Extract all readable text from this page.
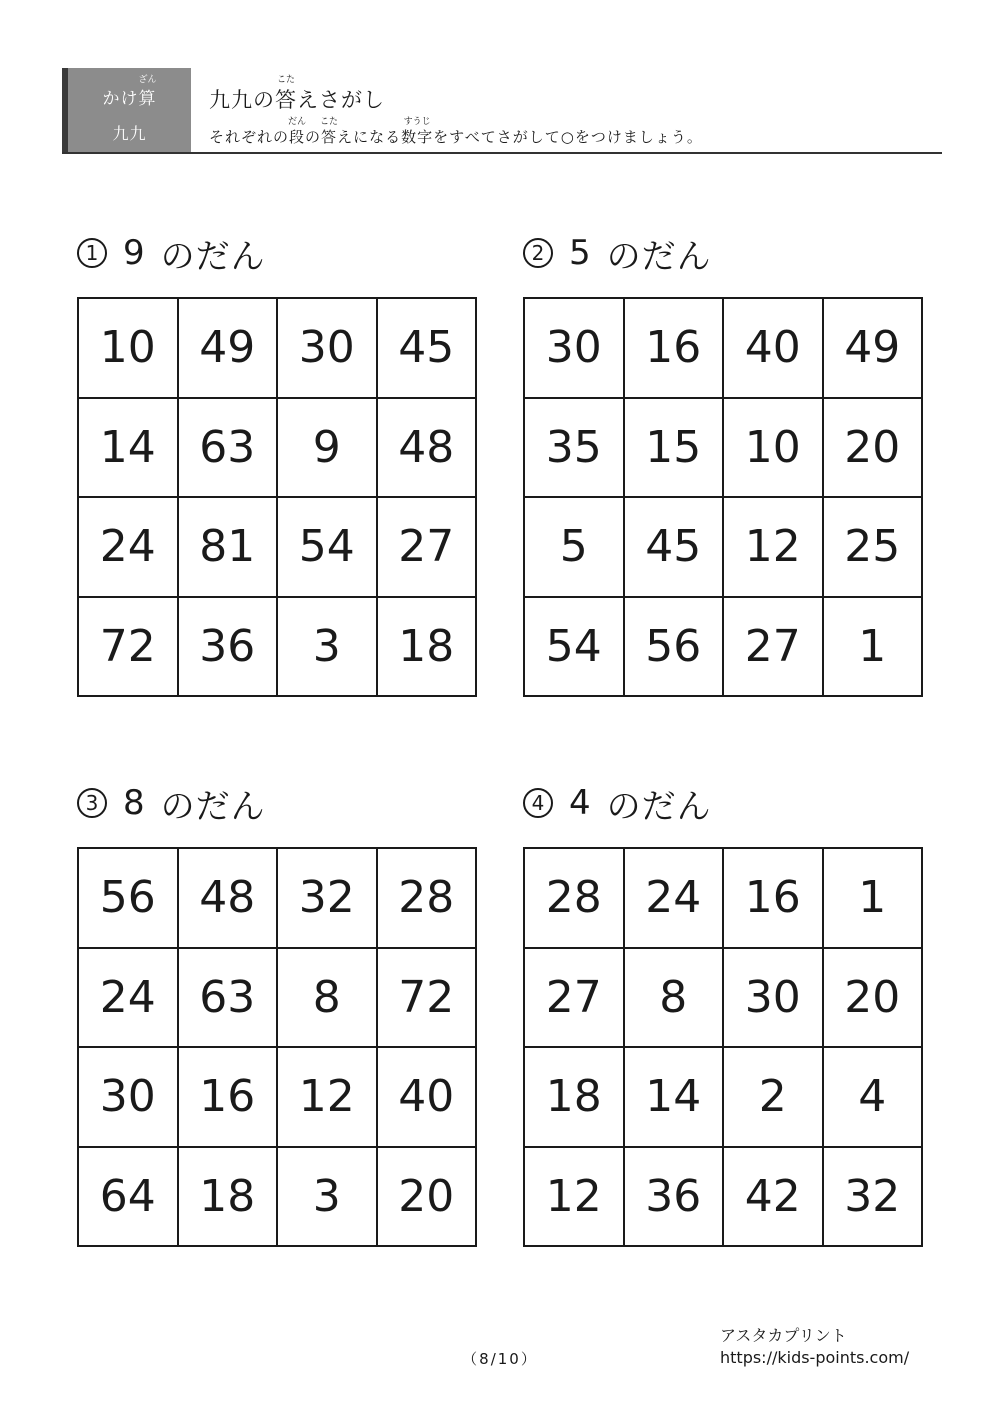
かけ算
ざん
九九
九九の答
こた
えさがし
それぞれの段
だん
の答
こた
えになる数字
すうじ
をすべてさがして○をつけましょう。
1 9 のだん
10 49 30 45
14 63	9	48
24 81 54 27
72 36	3	18
2 5 のだん
30 16 40 49
35 15 10 20
5	45 12 25
54 56 27	1
3 8 のだん
56 48 32 28
24 63	8	72
30 16 12 40
64 18	3	20
4 4 のだん
28 24 16	1
27	8	30 20
18 14	2	4
12 36 42 32
（8/10）
アスタカプリント
https://kids-points.com/
